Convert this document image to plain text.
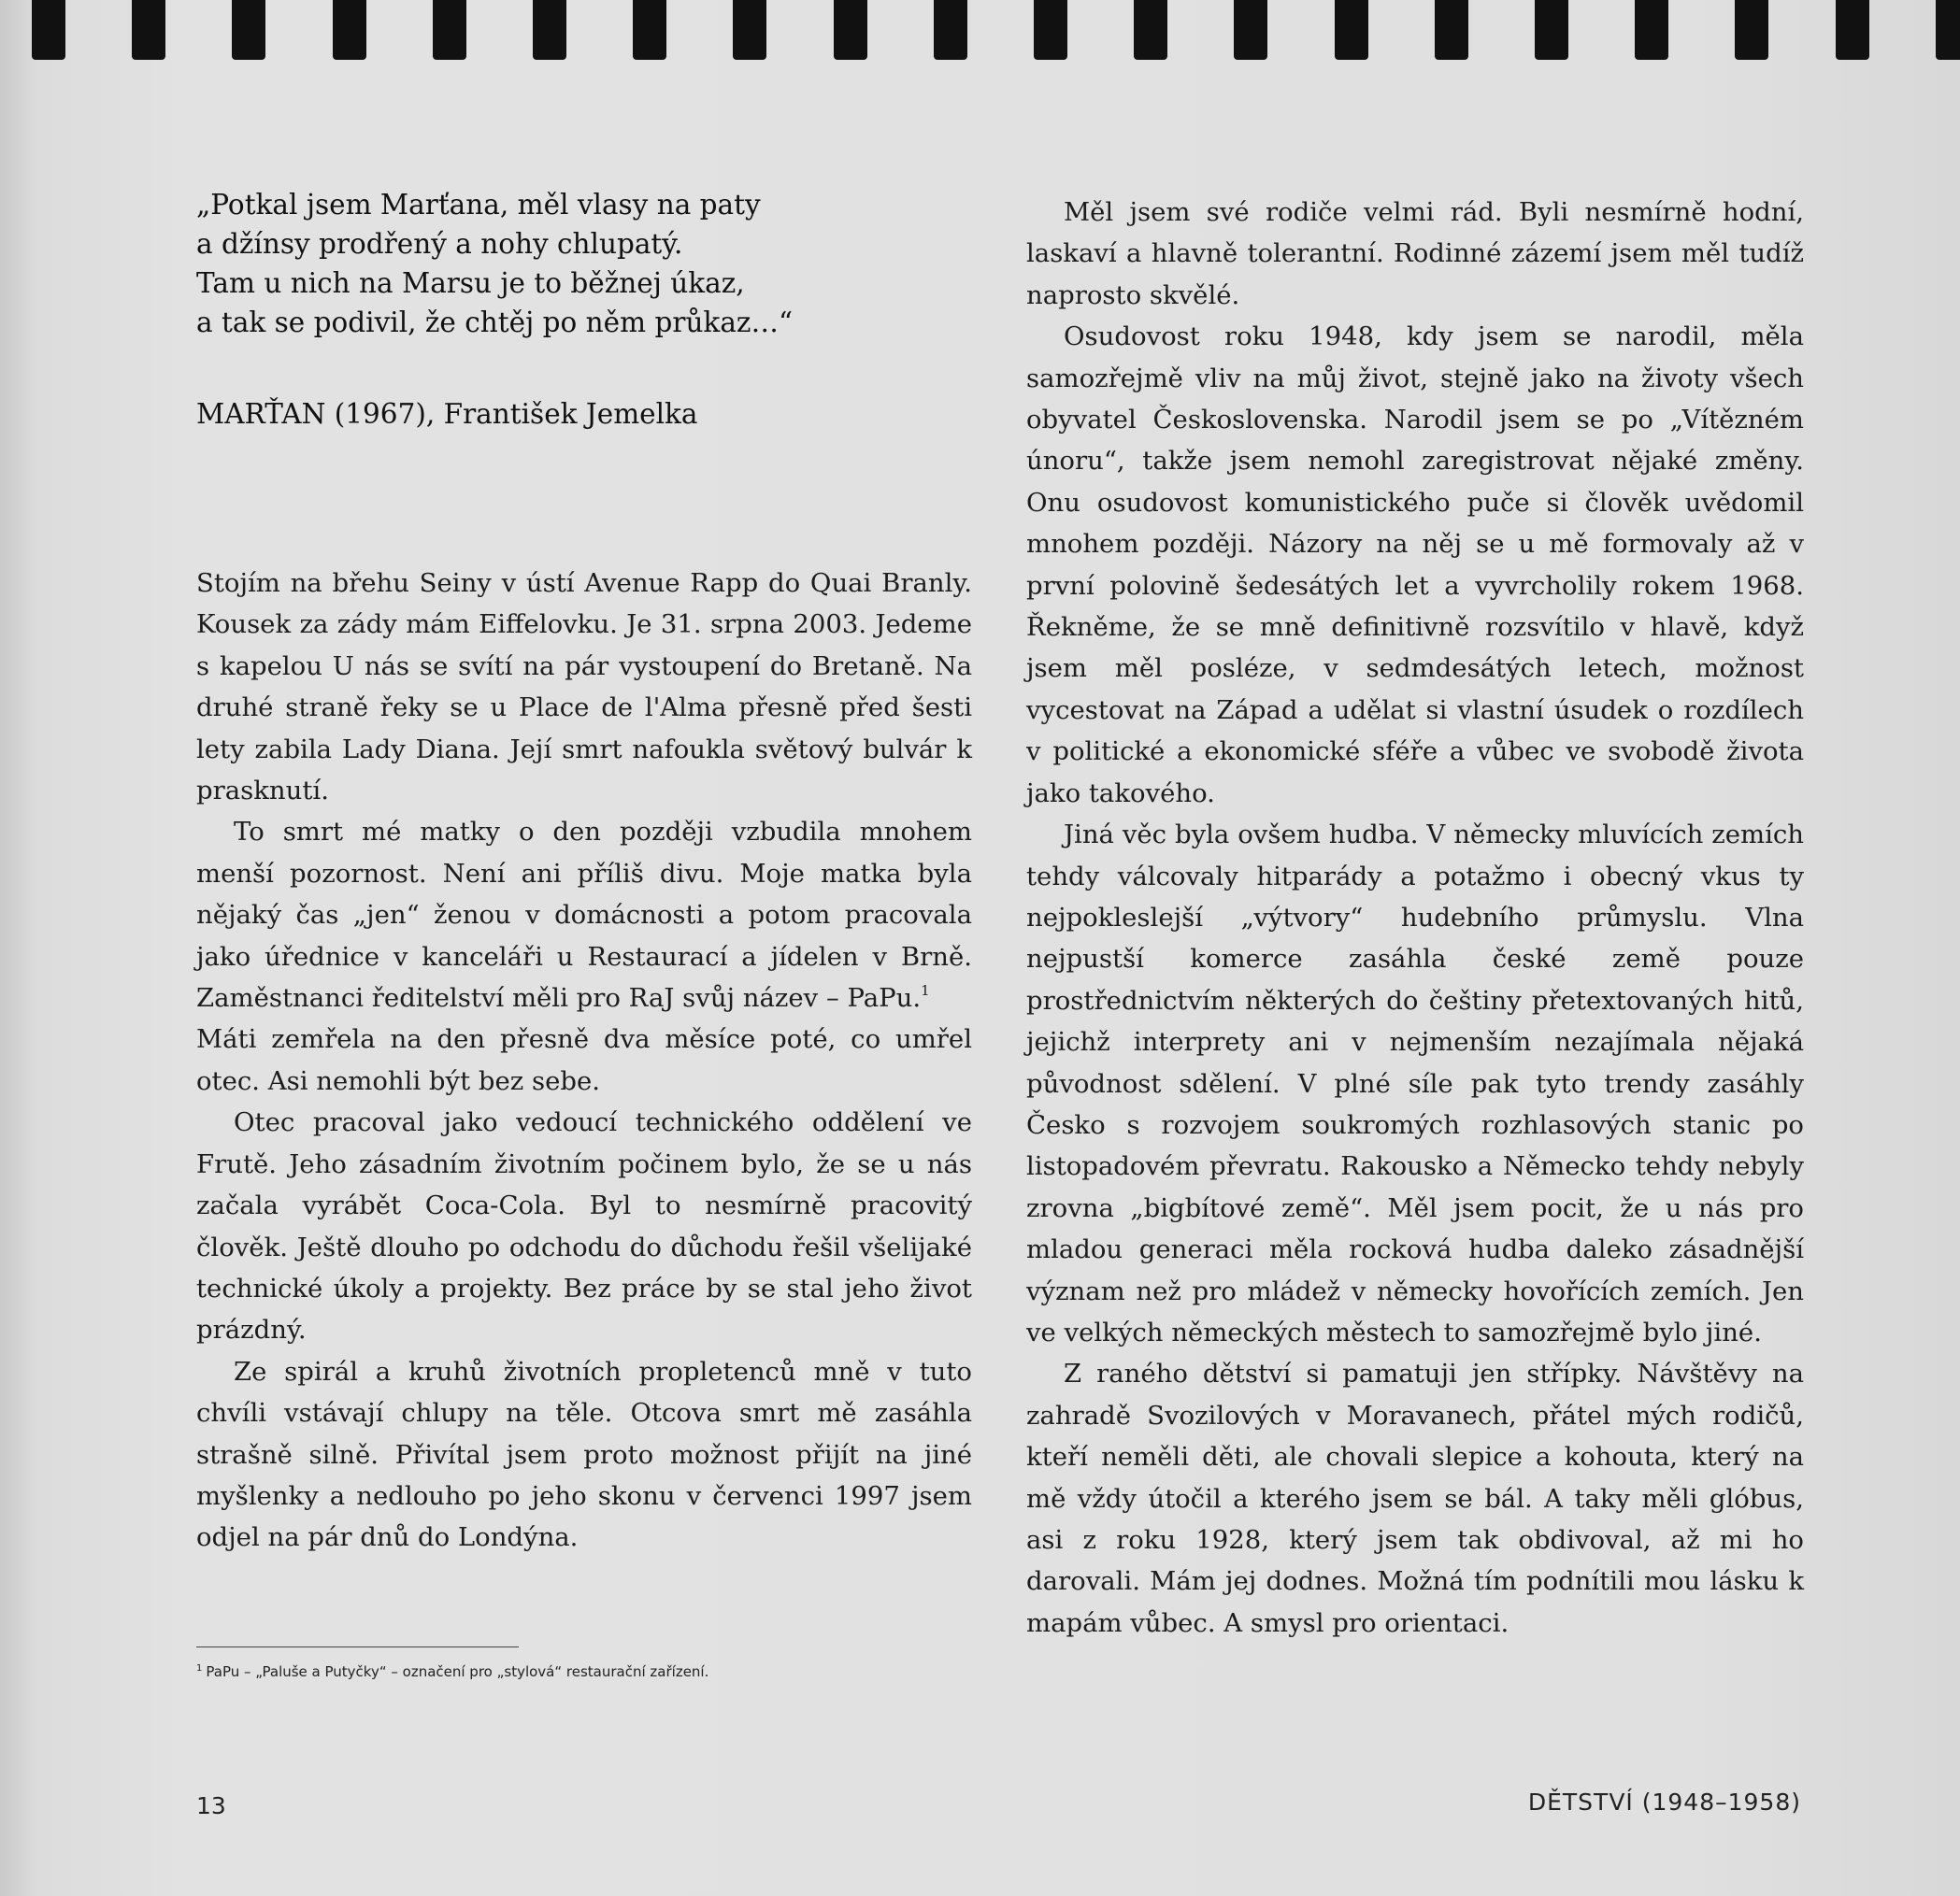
„Potkal jsem Marťana, měl vlasy na paty
a džínsy prodřený a nohy chlupatý.
Tam u nich na Marsu je to běžnej úkaz,
a tak se podivil, že chtěj po něm průkaz…“
MARŤAN (1967), František Jemelka

Stojím na břehu Seiny v ústí Avenue Rapp do Quai Branly. Kousek za zády mám Eiffelovku. Je 31. srpna 2003. Jedeme s kapelou U nás se svítí na pár vystoupení do Bretaně. Na druhé straně řeky se u Place de l'Alma přesně před šesti lety zabila Lady Diana. Její smrt nafoukla světový bulvár k prasknutí.

To smrt mé matky o den později vzbudila mnohem menší pozornost. Není ani příliš divu. Moje matka byla nějaký čas „jen“ ženou v domácnosti a potom pracovala jako úřednice v kanceláři u Restaurací a jídelen v Brně. Zaměstnanci ředitelství měli pro RaJ svůj název – PaPu.$^1$

Máti zemřela na den přesně dva měsíce poté, co umřel otec. Asi nemohli být bez sebe.

Otec pracoval jako vedoucí technického oddělení ve Frutě. Jeho zásadním životním počinem bylo, že se u nás začala vyrábět Coca-Cola. Byl to nesmírně pracovitý člověk. Ještě dlouho po odchodu do důchodu řešil všelijaké technické úkoly a projekty. Bez práce by se stal jeho život prázdný.

Ze spirál a kruhů životních propletenců mně v tuto chvíli vstávají chlupy na těle. Otcova smrt mě zasáhla strašně silně. Přivítal jsem proto možnost přijít na jiné myšlenky a nedlouho po jeho skonu v červenci 1997 jsem odjel na pár dnů do Londýna.

Měl jsem své rodiče velmi rád. Byli nesmírně hodní, laskaví a hlavně tolerantní. Rodinné zázemí jsem měl tudíž naprosto skvělé.

Osudovost roku 1948, kdy jsem se narodil, měla samozřejmě vliv na můj život, stejně jako na životy všech obyvatel Československa. Narodil jsem se po „Vítězném únoru“, takže jsem nemohl zaregistrovat nějaké změny. Onu osudovost komunistického puče si člověk uvědomil mnohem později. Názory na něj se u mě formovaly až v první polovině šedesátých let a vyvrcholily rokem 1968. Řekněme, že se mně definitivně rozsvítilo v hlavě, když jsem měl posléze, v sedmdesátých letech, možnost vycestovat na Západ a udělat si vlastní úsudek o rozdílech v politické a ekonomické sféře a vůbec ve svobodě života jako takového.

Jiná věc byla ovšem hudba. V německy mluvících zemích tehdy válcovaly hitparády a potažmo i obecný vkus ty nejpokleslejší „výtvory“ hudebního průmyslu. Vlna nejpustší komerce zasáhla české země pouze prostřednictvím některých do češtiny přetextovaných hitů, jejichž interprety ani v nejmenším nezajímala nějaká původnost sdělení. V plné síle pak tyto trendy zasáhly Česko s rozvojem soukromých rozhlasových stanic po listopadovém převratu. Rakousko a Německo tehdy nebyly zrovna „bigbítové země“. Měl jsem pocit, že u nás pro mladou generaci měla rocková hudba daleko zásadnější význam než pro mládež v německy hovořících zemích. Jen ve velkých německých městech to samozřejmě bylo jiné.

Z raného dětství si pamatuji jen střípky. Návštěvy na zahradě Svozilových v Moravanech, přátel mých rodičů, kteří neměli děti, ale chovali slepice a kohouta, který na mě vždy útočil a kterého jsem se bál. A taky měli glóbus, asi z roku 1928, který jsem tak obdivoval, až mi ho darovali. Mám jej dodnes. Možná tím podnítili mou lásku k mapám vůbec. A smysl pro orientaci.

$^1$ PaPu – „Paluše a Putyčky“ – označení pro „stylová“ restaurační zařízení.
13	DĚTSTVÍ (1948–1958)
